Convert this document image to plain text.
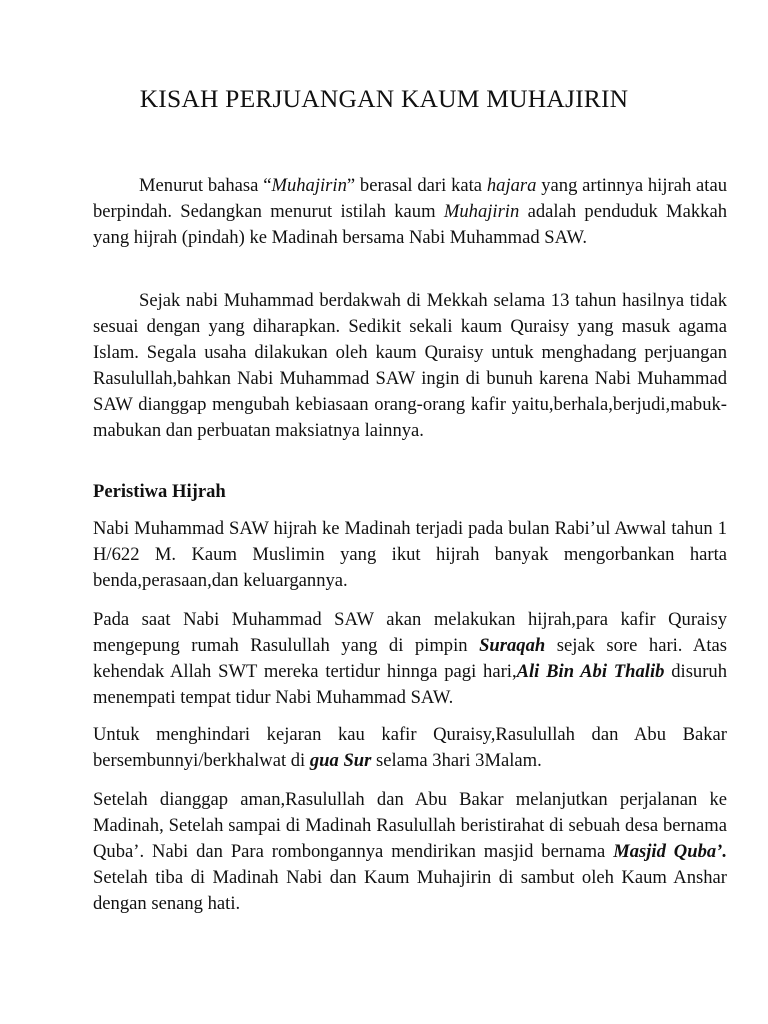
KISAH PERJUANGAN KAUM MUHAJIRIN

Menurut bahasa “Muhajirin” berasal dari kata hajara yang artinnya hijrah atau berpindah. Sedangkan menurut istilah kaum Muhajirin adalah penduduk Makkah yang hijrah (pindah) ke Madinah bersama Nabi Muhammad SAW.

Sejak nabi Muhammad berdakwah di Mekkah selama 13 tahun hasilnya tidak sesuai dengan yang diharapkan. Sedikit sekali kaum Quraisy yang masuk agama Islam. Segala usaha dilakukan oleh kaum Quraisy untuk menghadang perjuangan Rasulullah,bahkan Nabi Muhammad SAW ingin di bunuh karena Nabi Muhammad SAW dianggap mengubah kebiasaan orang-orang kafir yaitu,berhala,berjudi,mabuk-mabukan dan perbuatan maksiatnya lainnya.

Peristiwa Hijrah

Nabi Muhammad SAW hijrah ke Madinah terjadi pada bulan Rabi’ul Awwal tahun 1 H/622 M. Kaum Muslimin yang ikut hijrah banyak mengorbankan harta benda,perasaan,dan keluargannya.

Pada saat Nabi Muhammad SAW akan melakukan hijrah,para kafir Quraisy mengepung rumah Rasulullah yang di pimpin Suraqah sejak sore hari. Atas kehendak Allah SWT mereka tertidur hinnga pagi hari,Ali Bin Abi Thalib disuruh menempati tempat tidur Nabi Muhammad SAW.

Untuk menghindari kejaran kau kafir Quraisy,Rasulullah dan Abu Bakar bersembunnyi/berkhalwat di gua Sur selama 3hari 3Malam.

Setelah dianggap aman,Rasulullah dan Abu Bakar melanjutkan perjalanan ke Madinah, Setelah sampai di Madinah Rasulullah beristirahat di sebuah desa bernama Quba’. Nabi dan Para rombongannya mendirikan masjid bernama Masjid Quba’. Setelah tiba di Madinah Nabi dan Kaum Muhajirin di sambut oleh Kaum Anshar dengan senang hati.
